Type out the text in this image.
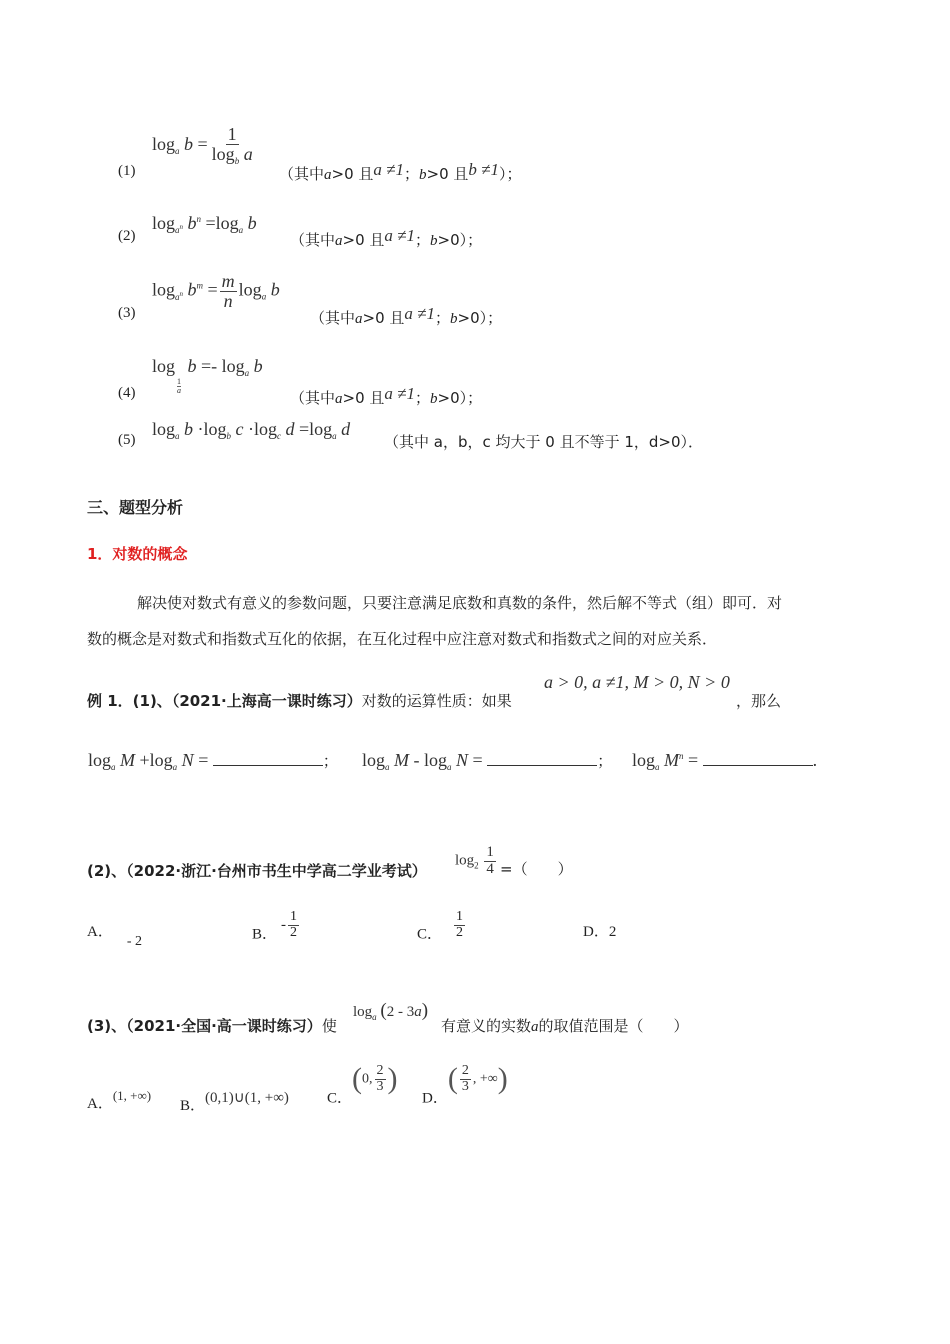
(1)
$\log_a b = \frac{1}{\log_b a}$
（其中a>0 且a ≠1；b>0 且b ≠1）；
(2)
$\log_{a^n} b^n =\log_a$ b
（其中a>0 且a ≠1；b>0）；
(3)
$\log_{a^n} b^m = \frac{m}{n} \log_a b$
（其中a>0 且a ≠1；b>0）；
(4)
log
$\frac{1}{a}$
$b =- \log_a b$
（其中a>0 且a ≠1；b>0）；
(5)
$\log_a b \cdot\log_b$ $c \cdot\log_c$ $d =\log_a$ d
（其中 a，b，c 均大于 0 且不等于 1，d>0）．
三、题型分析
1．对数的概念
解决使对数式有意义的参数问题，只要注意满足底数和真数的条件，然后解不等式（组）即可．对
数的概念是对数式和指数式互化的依据，在互化过程中应注意对数式和指数式之间的对应关系．
例 1．(1)、（2021·上海高一课时练习）对数的运算性质：如果
a > 0, a ≠1, M > 0, N > 0
，那么
$\log_a M +\log_a$ N =	； $\log_a M - \log_a N$ =	； $\log_a M^n$ =	.
(2)、（2022·浙江·台州市书生中学高二学业考试）
$\log_2 \frac{1}{4}$ =（　　）
A．- 2	B．- $\frac{1}{2}$	C． $\frac{1}{2}$	D．2
(3)、（2021·全国·高一课时练习）使
$\log_a (2 - 3a)$
有意义的实数a的取值范围是（　　）
A．(1, +∞)
B．(0,1)∪(1, +∞)	C．(0, $\frac{2}{3}$ )
D．( $\frac{2}{3}$ , +∞)
